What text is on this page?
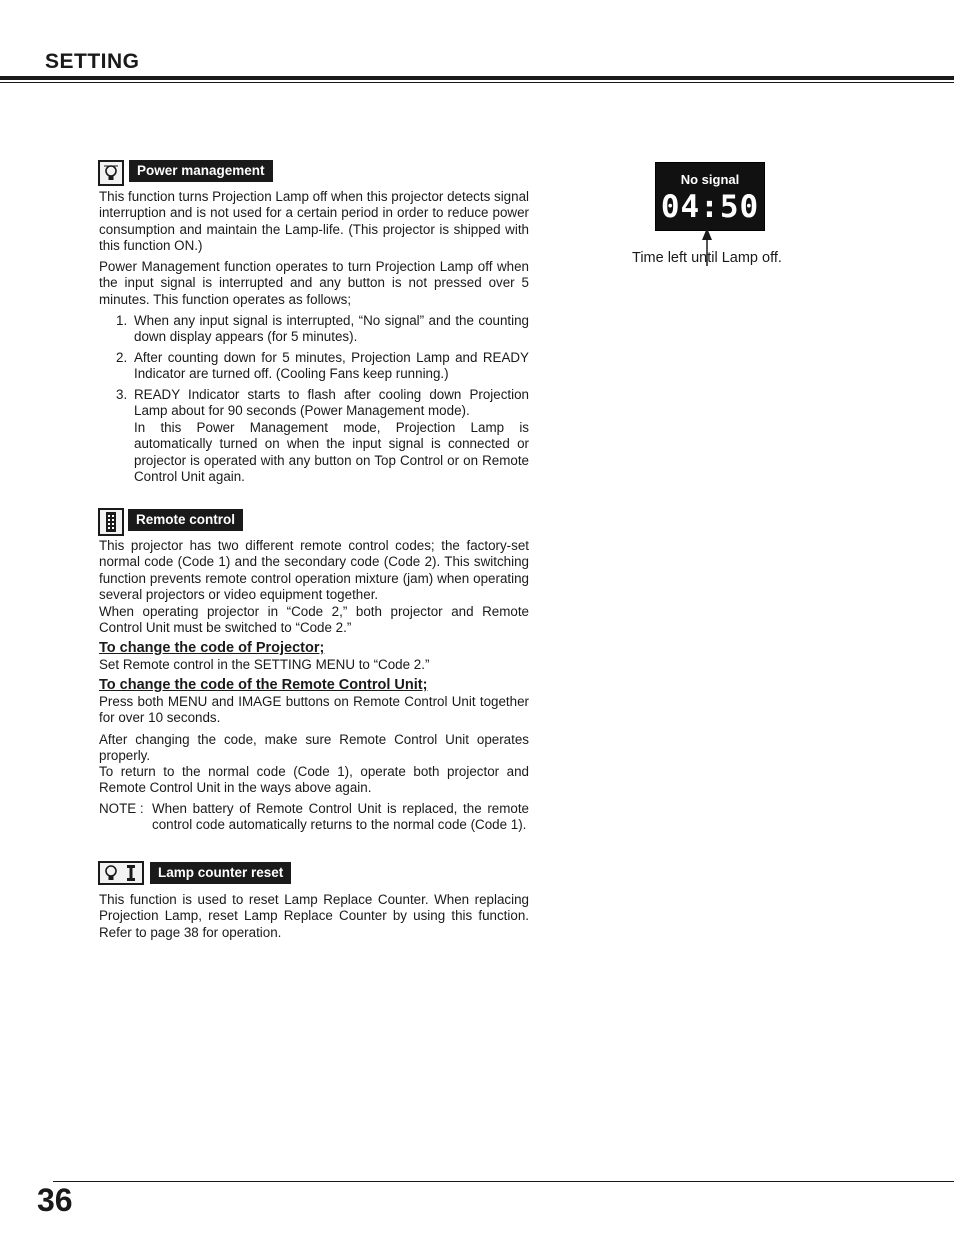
SETTING
Power management

This function turns Projection Lamp off when this projector detects signal interruption and is not used for a certain period in order to reduce power consumption and maintain the Lamp-life. (This projector is shipped with this function ON.)

Power Management function operates to turn Projection Lamp off when the input signal is interrupted and any button is not pressed over 5 minutes. This function operates as follows;

1. When any input signal is interrupted, “No signal” and the counting down display appears (for 5 minutes).
2. After counting down for 5 minutes, Projection Lamp and READY Indicator are turned off. (Cooling Fans keep running.)
3. READY Indicator starts to flash after cooling down Projection Lamp about for 90 seconds (Power Management mode).

In this Power Management mode, Projection Lamp is automatically turned on when the input signal is connected or projector is operated with any button on Top Control or on Remote Control Unit again.

No signal
04:50
Time left until Lamp off.
Remote control

This projector has two different remote control codes; the factory-set normal code (Code 1) and the secondary code (Code 2). This switching function prevents remote control operation mixture (jam) when operating several projectors or video equipment together.

When operating projector in “Code 2,” both projector and Remote Control Unit must be switched to “Code 2.”

To change the code of Projector;

Set Remote control in the SETTING MENU to “Code 2.”

To change the code of the Remote Control Unit;

Press both MENU and IMAGE buttons on Remote Control Unit together for over 10 seconds.

After changing the code, make sure Remote Control Unit operates properly.

To return to the normal code (Code 1), operate both projector and Remote Control Unit in the ways above again.

NOTE : When battery of Remote Control Unit is replaced, the remote control code automatically returns to the normal code (Code 1).
Lamp counter reset

This function is used to reset Lamp Replace Counter. When replacing Projection Lamp, reset Lamp Replace Counter by using this function. Refer to page 38 for operation.

36
